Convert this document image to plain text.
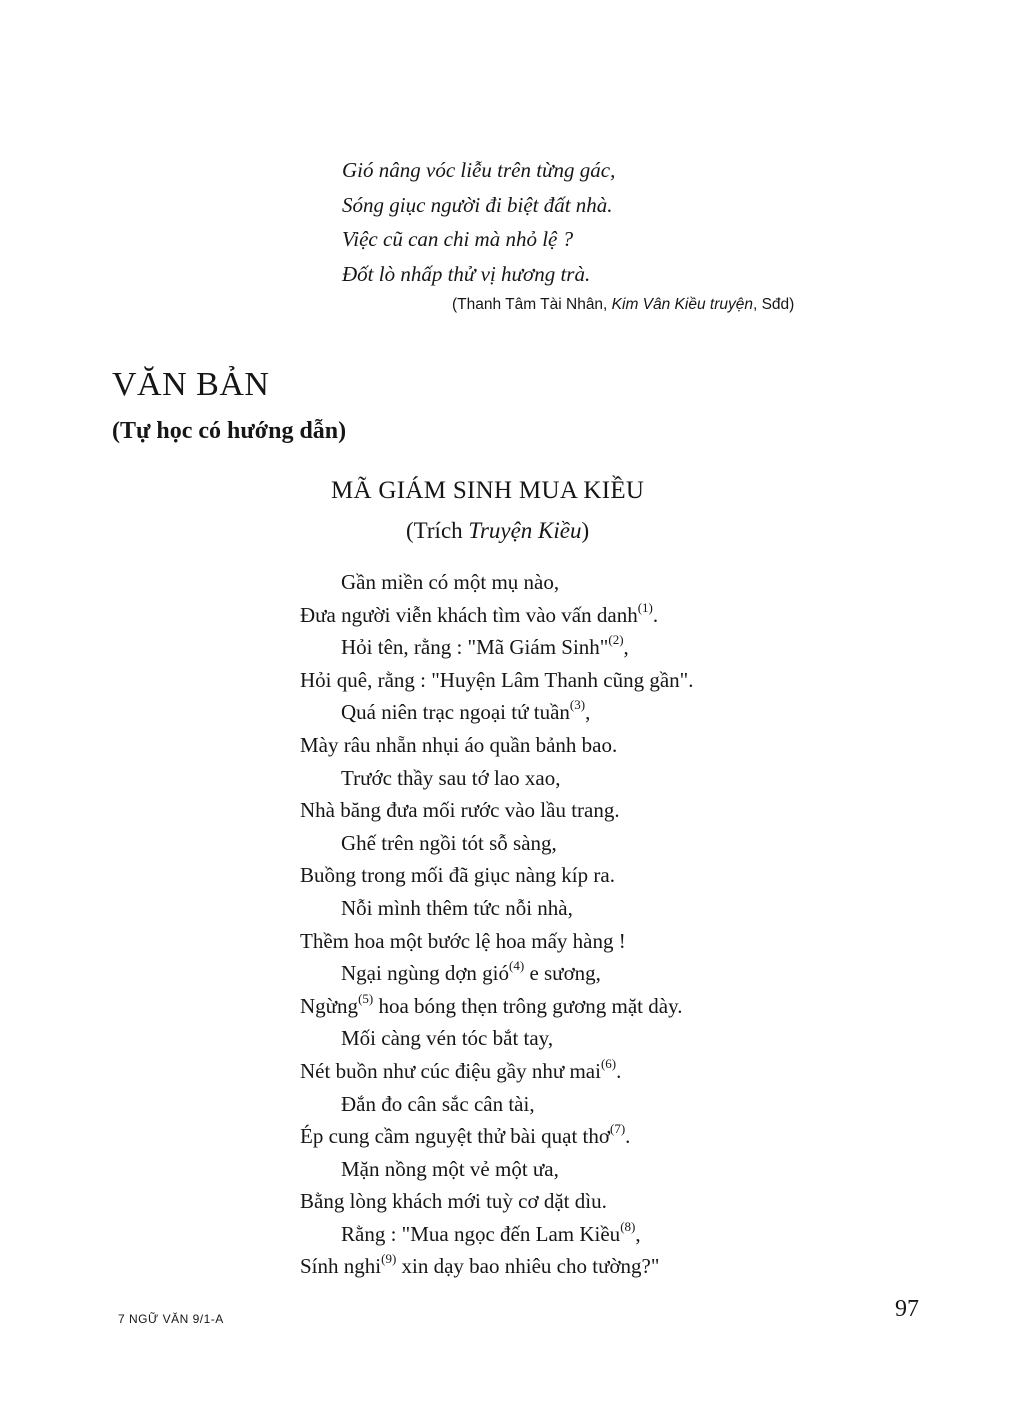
Gió nâng vóc liễu trên từng gác,
Sóng giục người đi biệt đất nhà.
Việc cũ can chi mà nhỏ lệ ?
Đốt lò nhấp thử vị hương trà.
(Thanh Tâm Tài Nhân, Kim Vân Kiều truyện, Sđd)
VĂN BẢN
(Tự học có hướng dẫn)
MÃ GIÁM SINH MUA KIỀU
(Trích Truyện Kiều)
Gần miền có một mụ nào,
Đưa người viễn khách tìm vào vấn danh$^{(1)}$.
Hỏi tên, rằng : "Mã Giám Sinh"$^{(2)}$,
Hỏi quê, rằng : "Huyện Lâm Thanh cũng gần".
Quá niên trạc ngoại tứ tuần$^{(3)}$,
Mày râu nhẵn nhụi áo quần bảnh bao.
Trước thầy sau tớ lao xao,
Nhà băng đưa mối rước vào lầu trang.
Ghế trên ngồi tót sỗ sàng,
Buồng trong mối đã giục nàng kíp ra.
Nỗi mình thêm tức nỗi nhà,
Thềm hoa một bước lệ hoa mấy hàng !
Ngại ngùng dợn gió$^{(4)}$ e sương,
Ngừng$^{(5)}$ hoa bóng thẹn trông gương mặt dày.
Mối càng vén tóc bắt tay,
Nét buồn như cúc điệu gầy như mai$^{(6)}$.
Đắn đo cân sắc cân tài,
Ép cung cầm nguyệt thử bài quạt thơ$^{(7)}$.
Mặn nồng một vẻ một ưa,
Bằng lòng khách mới tuỳ cơ dặt dìu.
Rằng : "Mua ngọc đến Lam Kiều$^{(8)}$,
Sính nghi$^{(9)}$ xin dạy bao nhiêu cho tường?"
7 NGỮ VĂN 9/1-A	97
